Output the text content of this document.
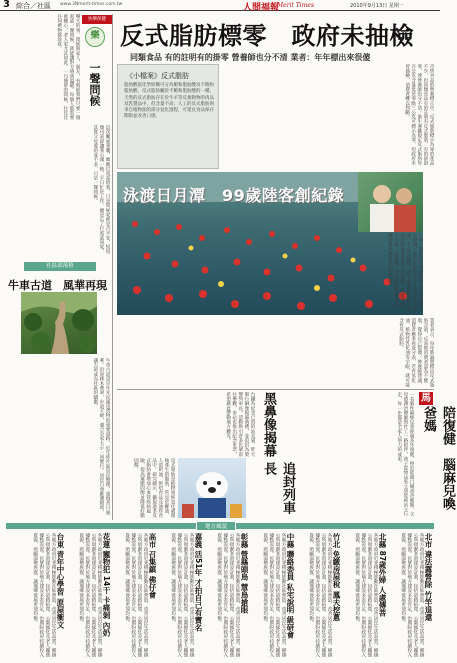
3 綜合／社區 www.3Nmerit-times.com.tw	人間福報
Merit Times	2010年9月13日 星期一
樂天的事，問候與家人、朋友，有時候我們只要一個電話一聲問候，就能讓對方感到溫暖。每個人都需要被關心，老人家尤其如此。一句簡單的問候，往往比任何禮物都珍貴。	快樂保健
樂
一聲問候
這次颱風來襲，媽媽打電話給我，只是問候家裡是否平安，短短幾句話卻讓我心頭一熱。平日忙於工作，總是忘了打電話回家，其實父母要的並不多，只是一聲問候。
社區部落格
牛車古道　風華再現
牛車古道是早年先民運送貨物的重要道路，近年經社區居民整理，重現昔日風華。沿途林木蒼翠，步道平緩，適合全家大小一同健行。居民自發維護環境，讓古道成為社區的驕傲。
反式脂肪標零　政府未抽檢
同類食品 有的註明有的掛零 營養師也分不清 業者：年年標出來很傻
《小檔案》反式脂肪

脂肪酸依化學結構可分為飽和脂肪酸及不飽和脂肪酸，反式脂肪屬於不飽和脂肪酸的一種。天然的反式脂肪存在於牛羊等反芻動物的肉品及乳製品中，但含量不高；人工的反式脂肪則來自植物油的部分氫化過程，可延長食品保存期限並改善口感。	市售食品的營養標示中，反式脂肪標示為零的產品不少，但同類食品有的註明有反式脂肪、有的卻掛零，連營養師也分不清。衛生署雖規定反式脂肪每百公克含量低於零點三公克可標示為零，但政府未曾抽檢，消費者難以判斷。
泳渡日月潭　99歲陸客創紀錄
一年一度的日月潭國際萬人泳渡活動昨天登場，來自大陸的九十九歲老先生完成三千公尺泳程，創下最高齡紀錄。他表示游泳是他每天的習慣，身體硬朗，下水後一路順暢，到終點時精神奕奕，讓在場民眾報以熱烈掌聲。
業者表示，每年都誠實標出反式脂肪含量，反而被消費者認為不健康，覺得自己很傻。營養師建議，消費者應多看成分表，若有氫化油、植物性乳化油等字眼，就可能含有反式脂肪。
台鐵為紀念已故的站長貓，昨天舉行銅像揭幕典禮，並追封為榮譽列車長。活動吸引許多民眾前往參觀，車站也推出紀念車票，希望藉此帶動地方觀光。	黑鼻像揭幕
追封列車長
反式脂肪是植物油經氫化處理後產生的脂肪，常見於酥油、人造奶油、烘焙食品及油炸食品中。研究顯示，攝取過多反式脂肪會增加心血管疾病風險，提高壞膽固醇並降低好膽固醇。	一名腦性麻痺兒童經過多年復健，終於能開口喊爸爸媽媽。父母感謝治療師與社工一路陪伴，孩子從無法坐立到能夠站立行走，每一步都是全家人努力的成果。	馬
陪復健　腦麻兒喚爸媽
地方風貌
北市 違法露營除 竹竿退還
各地方政府近來積極推動社區營造，改善居民生活品質。鄉鎮公所規劃多項建設計畫，包括道路拓寬、公園綠化及老人關懷據點設置。民眾對於地方建設多表肯定，也期盼政府持續投入資源，照顧弱勢族群，讓城鄉發展更加均衡。
北縣 87歲外婦 人處傳菩
各地方政府近來積極推動社區營造，改善居民生活品質。鄉鎮公所規劃多項建設計畫，包括道路拓寬、公園綠化及老人關懷據點設置。民眾對於地方建設多表肯定，也期盼政府持續投入資源，照顧弱勢族群，讓城鄉發展更加均衡。
竹北 免繳房屋稅 鳳夫挖蔥
各地方政府近來積極推動社區營造，改善居民生活品質。鄉鎮公所規劃多項建設計畫，包括道路拓寬、公園綠化及老人關懷據點設置。民眾對於地方建設多表肯定，也期盼政府持續投入資源，照顧弱勢族群，讓城鄉發展更加均衡。
中縣 聯絡委員 私宅說明 級研會
各地方政府近來積極推動社區營造，改善居民生活品質。鄉鎮公所規劃多項建設計畫，包括道路拓寬、公園綠化及老人關懷據點設置。民眾對於地方建設多表肯定，也期盼政府持續投入資源，照顧弱勢族群，讓城鄉發展更加均衡。
彰縣 營縣頭鳥 慧鳥搶眼
各地方政府近來積極推動社區營造，改善居民生活品質。鄉鎮公所規劃多項建設計畫，包括道路拓寬、公園綠化及老人關懷據點設置。民眾對於地方建設多表肯定，也期盼政府持續投入資源，照顧弱勢族群，讓城鄉發展更加均衡。
嘉義 活51年 才拍自己有寶名
各地方政府近來積極推動社區營造，改善居民生活品質。鄉鎮公所規劃多項建設計畫，包括道路拓寬、公園綠化及老人關懷據點設置。民眾對於地方建設多表肯定，也期盼政府持續投入資源，照顧弱勢族群，讓城鄉發展更加均衡。
高市 召集鎮 佛仔會
各地方政府近來積極推動社區營造，改善居民生活品質。鄉鎮公所規劃多項建設計畫，包括道路拓寬、公園綠化及老人關懷據點設置。民眾對於地方建設多表肯定，也期盼政府持續投入資源，照顧弱勢族群，讓城鄉發展更加均衡。
花蓮 寵物犯 14干 卡痛剝 內奶
各地方政府近來積極推動社區營造，改善居民生活品質。鄉鎮公所規劃多項建設計畫，包括道路拓寬、公園綠化及老人關懷據點設置。民眾對於地方建設多表肯定，也期盼政府持續投入資源，照顧弱勢族群，讓城鄉發展更加均衡。
台東 青年中心學習 原屋衝文
各地方政府近來積極推動社區營造，改善居民生活品質。鄉鎮公所規劃多項建設計畫，包括道路拓寬、公園綠化及老人關懷據點設置。民眾對於地方建設多表肯定，也期盼政府持續投入資源，照顧弱勢族群，讓城鄉發展更加均衡。
